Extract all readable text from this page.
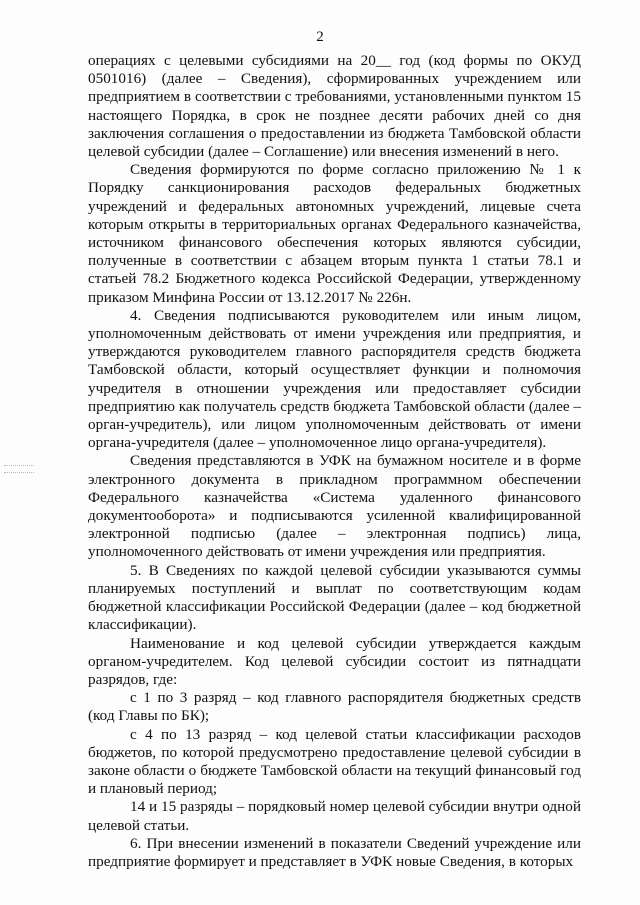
2

операциях с целевыми субсидиями на 20__ год (код формы по ОКУД 0501016) (далее – Сведения), сформированных учреждением или предприятием в соответствии с требованиями, установленными пунктом 15 настоящего Порядка, в срок не позднее десяти рабочих дней со дня заключения соглашения о предоставлении из бюджета Тамбовской области целевой субсидии (далее – Соглашение) или внесения изменений в него.

Сведения формируются по форме согласно приложению № 1 к Порядку санкционирования расходов федеральных бюджетных учреждений и федеральных автономных учреждений, лицевые счета которым открыты в территориальных органах Федерального казначейства, источником финансового обеспечения которых являются субсидии, полученные в соответствии с абзацем вторым пункта 1 статьи 78.1 и статьей 78.2 Бюджетного кодекса Российской Федерации, утвержденному приказом Минфина России от 13.12.2017 № 226н.

4. Сведения подписываются руководителем или иным лицом, уполномоченным действовать от имени учреждения или предприятия, и утверждаются руководителем главного распорядителя средств бюджета Тамбовской области, который осуществляет функции и полномочия учредителя в отношении учреждения или предоставляет субсидии предприятию как получатель средств бюджета Тамбовской области (далее – орган-учредитель), или лицом уполномоченным действовать от имени органа-учредителя (далее – уполномоченное лицо органа-учредителя).

Сведения представляются в УФК на бумажном носителе и в форме электронного документа в прикладном программном обеспечении Федерального казначейства «Система удаленного финансового документооборота» и подписываются усиленной квалифицированной электронной подписью (далее – электронная подпись) лица, уполномоченного действовать от имени учреждения или предприятия.

5. В Сведениях по каждой целевой субсидии указываются суммы планируемых поступлений и выплат по соответствующим кодам бюджетной классификации Российской Федерации (далее – код бюджетной классификации).

Наименование и код целевой субсидии утверждается каждым органом-учредителем. Код целевой субсидии состоит из пятнадцати разрядов, где:

с 1 по 3 разряд – код главного распорядителя бюджетных средств (код Главы по БК);

с 4 по 13 разряд – код целевой статьи классификации расходов бюджетов, по которой предусмотрено предоставление целевой субсидии в законе области о бюджете Тамбовской области на текущий финансовый год и плановый период;

14 и 15 разряды – порядковый номер целевой субсидии внутри одной целевой статьи.

6. При внесении изменений в показатели Сведений учреждение или предприятие формирует и представляет в УФК новые Сведения, в которых
